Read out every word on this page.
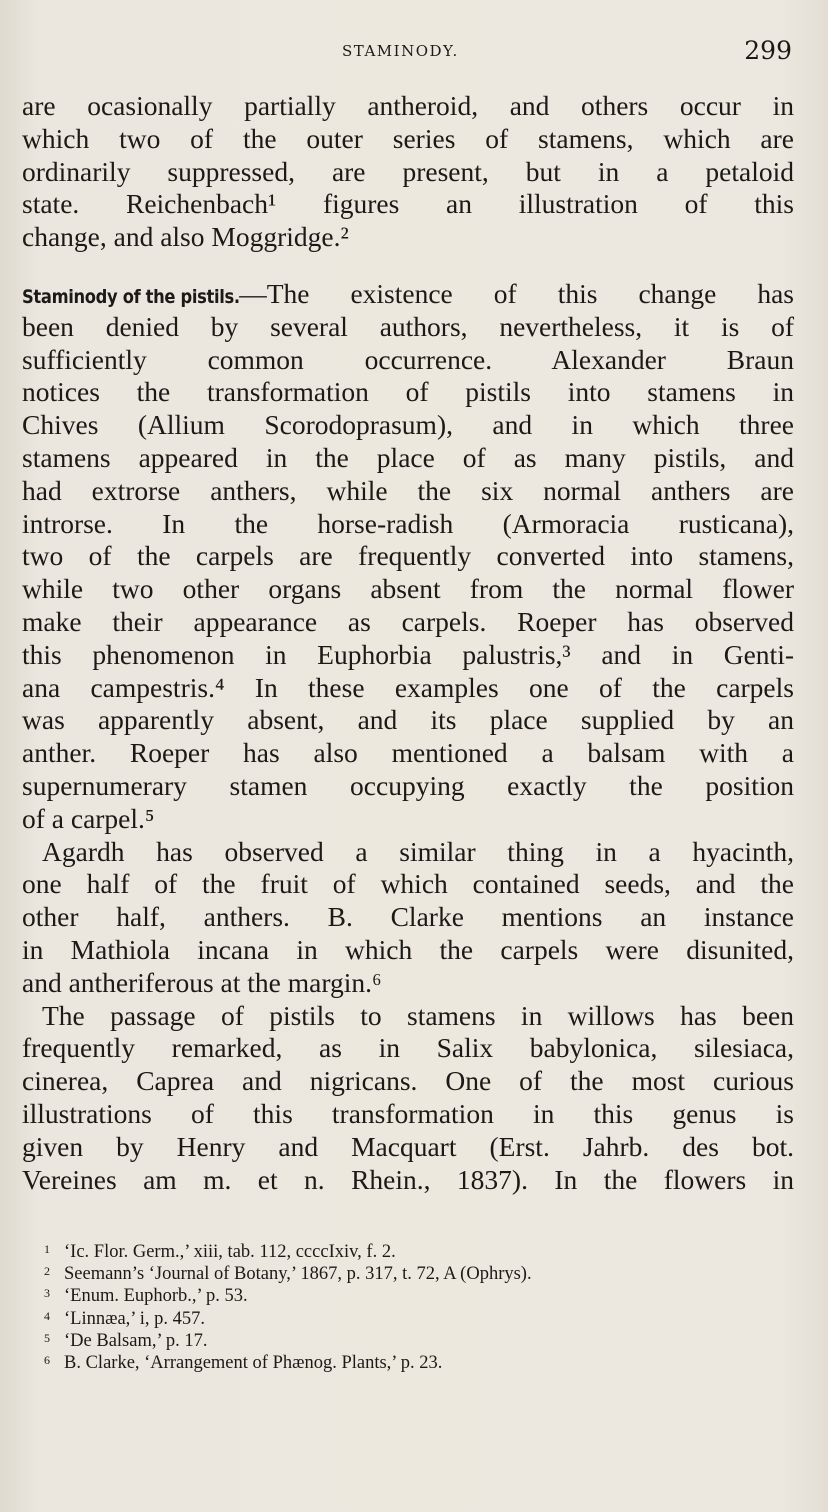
STAMINODY.	299
are ocasionally partially antheroid, and others occur in
which two of the outer series of stamens, which are
ordinarily suppressed, are present, but in a petaloid
state. Reichenbach¹ figures an illustration of this
change, and also Moggridge.²
Staminody of the pistils.—The existence of this change has
been denied by several authors, nevertheless, it is of
sufficiently common occurrence. Alexander Braun
notices the transformation of pistils into stamens in
Chives (Allium Scorodoprasum), and in which three
stamens appeared in the place of as many pistils, and
had extrorse anthers, while the six normal anthers are
introrse. In the horse-radish (Armoracia rusticana),
two of the carpels are frequently converted into stamens,
while two other organs absent from the normal flower
make their appearance as carpels. Roeper has observed
this phenomenon in Euphorbia palustris,³ and in Genti-
ana campestris.⁴ In these examples one of the carpels
was apparently absent, and its place supplied by an
anther. Roeper has also mentioned a balsam with a
supernumerary stamen occupying exactly the position
of a carpel.⁵
Agardh has observed a similar thing in a hyacinth,
one half of the fruit of which contained seeds, and the
other half, anthers. B. Clarke mentions an instance
in Mathiola incana in which the carpels were disunited,
and antheriferous at the margin.⁶
The passage of pistils to stamens in willows has been
frequently remarked, as in Salix babylonica, silesiaca,
cinerea, Caprea and nigricans. One of the most curious
illustrations of this transformation in this genus is
given by Henry and Macquart (Erst. Jahrb. des bot.
Vereines am m. et n. Rhein., 1837). In the flowers in
1 ‘Ic. Flor. Germ.,’ xiii, tab. 112, ccccIxiv, f. 2.
2 Seemann’s ‘Journal of Botany,’ 1867, p. 317, t. 72, A (Ophrys).
3 ‘Enum. Euphorb.,’ p. 53.
4 ‘Linnæa,’ i, p. 457.
5 ‘De Balsam,’ p. 17.
6 B. Clarke, ‘Arrangement of Phænog. Plants,’ p. 23.
